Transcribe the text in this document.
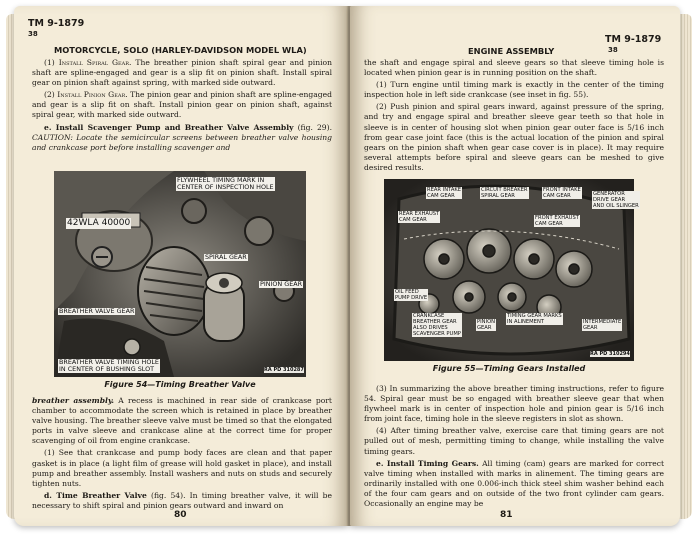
TM 9-1879
38
MOTORCYCLE, SOLO (HARLEY-DAVIDSON MODEL WLA)

(1) Install Spiral Gear. The breather pinion shaft spiral gear and pinion shaft are spline-engaged and gear is a slip fit on pinion shaft. Install spiral gear on pinion shaft against spring, with marked side outward.

(2) Install Pinion Gear. The pinion gear and pinion shaft are spline-engaged and gear is a slip fit on shaft. Install pinion gear on pinion shaft, against spiral gear, with marked side outward.

e. Install Scavenger Pump and Breather Valve Assembly (fig. 29). CAUTION: Locate the semicircular screens between breather valve housing and crankcase port before installing scavenger and

FLYWHEEL TIMING MARK IN
CENTER OF INSPECTION HOLE
42WLA 40000
SPIRAL GEAR
PINION GEAR
BREATHER VALVE GEAR
BREATHER VALVE TIMING HOLE
IN CENTER OF BUSHING SLOT	RA PD 310287
Figure 54—Timing Breather Valve

breather assembly. A recess is machined in rear side of crankcase port chamber to accommodate the screen which is retained in place by breather valve housing. The breather sleeve valve must be timed so that the elongated ports in valve sleeve and crankcase aline at the correct time for proper scavenging of oil from engine crankcase.

(1) See that crankcase and pump body faces are clean and that paper gasket is in place (a light film of grease will hold gasket in place), and install pump and breather assembly. Install washers and nuts on studs and securely tighten nuts.

d. Time Breather Valve (fig. 54). In timing breather valve, it will be necessary to shift spiral and pinion gears outward and inward on

80
ENGINE ASSEMBLY
TM 9-1879
38

the shaft and engage spiral and sleeve gears so that sleeve timing hole is located when pinion gear is in running position on the shaft.

(1) Turn engine until timing mark is exactly in the center of the timing inspection hole in left side crankcase (see inset in fig. 55).

(2) Push pinion and spiral gears inward, against pressure of the spring, and try and engage spiral and breather sleeve gear teeth so that hole in sleeve is in center of housing slot when pinion gear outer face is 5/16 inch from gear case joint face (this is the actual location of the pinion and spiral gears on the pinion shaft when gear case cover is in place). It may require several attempts before spiral and sleeve gears can be meshed to give desired results.

REAR INTAKE
CAM GEAR
CIRCUIT BREAKER
SPIRAL GEAR
FRONT INTAKE
CAM GEAR	GENERATOR
DRIVE GEAR
AND OIL SLINGER
REAR EXHAUST
CAM GEAR	FRONT EXHAUST
CAM GEAR
OIL FEED
PUMP DRIVE
CRANKCASE
BREATHER GEAR
ALSO DRIVES
SCAVENGER PUMP
PINION
GEAR
TIMING GEAR MARKS
IN ALINEMENT	INTERMEDIATE
GEAR
RA PD 310294
Figure 55—Timing Gears Installed

(3) In summarizing the above breather timing instructions, refer to figure 54. Spiral gear must be so engaged with breather sleeve gear that when flywheel mark is in center of inspection hole and pinion gear is 5/16 inch from joint face, timing hole in the sleeve registers in slot as shown.

(4) After timing breather valve, exercise care that timing gears are not pulled out of mesh, permitting timing to change, while installing the valve timing gears.

e. Install Timing Gears. All timing (cam) gears are marked for correct valve timing when installed with marks in alinement. The timing gears are ordinarily installed with one 0.006-inch thick steel shim washer behind each of the four cam gears and on outside of the two front cylinder cam gears. Occasionally an engine may be

81
